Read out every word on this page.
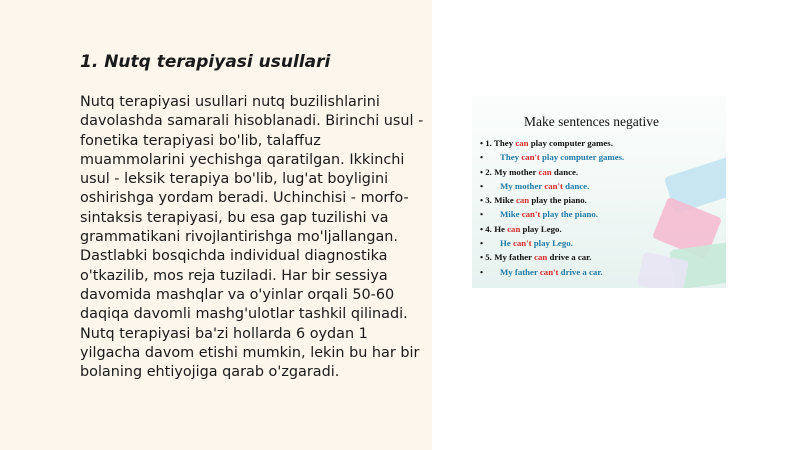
1. Nutq terapiyasi usullari

Nutq terapiyasi usullari nutq buzilishlarini davolashda samarali hisoblanadi. Birinchi usul - fonetika terapiyasi bo'lib, talaffuz muammolarini yechishga qaratilgan. Ikkinchi usul - leksik terapiya bo'lib, lug'at boyligini oshirishga yordam beradi. Uchinchisi - morfo-sintaksis terapiyasi, bu esa gap tuzilishi va grammatikani rivojlantirishga mo'ljallangan. Dastlabki bosqichda individual diagnostika o'tkazilib, mos reja tuziladi. Har bir sessiya davomida mashqlar va o'yinlar orqali 50-60 daqiqa davomli mashg'ulotlar tashkil qilinadi. Nutq terapiyasi ba'zi hollarda 6 oydan 1 yilgacha davom etishi mumkin, lekin bu har bir bolaning ehtiyojiga qarab o'zgaradi.

Make sentences negative
• 1. They can play computer games.
•	They can't play computer games.
• 2. My mother can dance.
•	My mother can't dance.
• 3. Mike can play the piano.
•	Mike can't play the piano.
• 4. He can play Lego.
•	He can't play Lego.
• 5. My father can drive a car.
•	My father can't drive a car.
